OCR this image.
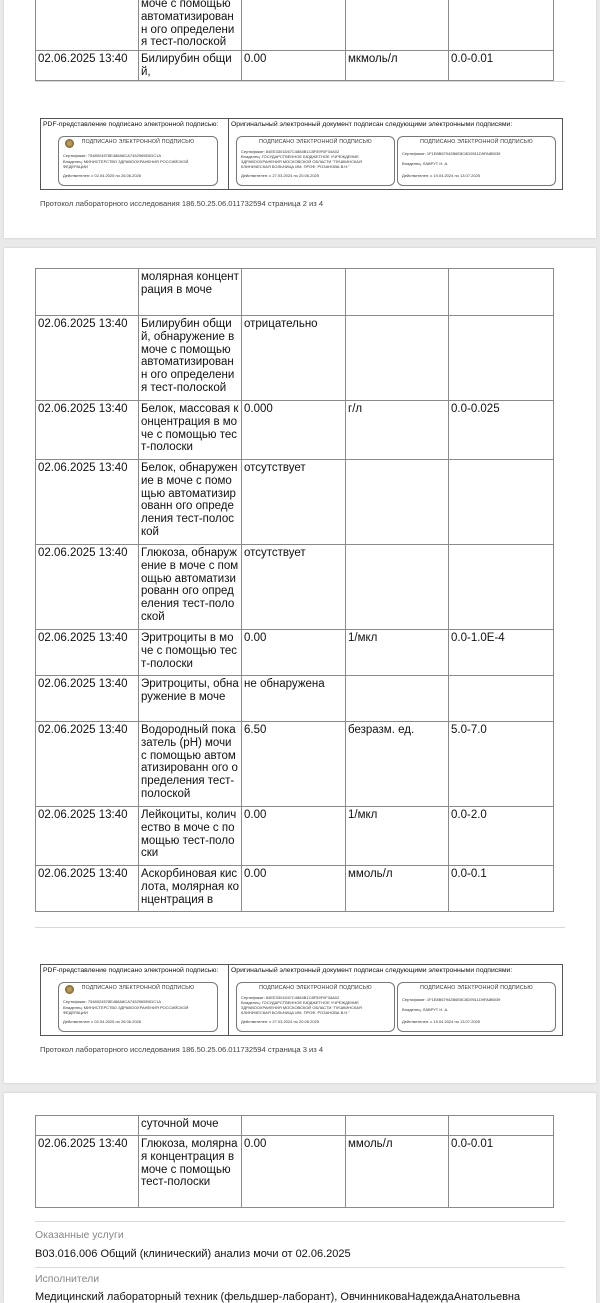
	моче с помощью автоматизированн ого определения тест-полоской			
02.06.2025 13:40	Билирубин общий,	0.00	мкмоль/л	0.0-0.01
PDF-представление подписано электронной подписью:
ПОДПИСАНО ЭЛЕКТРОННОЙ ПОДПИСЬЮ
Сертификат: 7548924578E488A8CA7452965E6DC1A
Владелец: МИНИСТЕРСТВО ЗДРАВООХРАНЕНИЯ РОССИЙСКОЙ ФЕДЕРАЦИИ
Действителен: с 02.04.2025 по 26.06.2026
Оригинальный электронный документ подписан следующими электронными подписями:
ПОДПИСАНО ЭЛЕКТРОННОЙ ПОДПИСЬЮ
Сертификат: 84EE3301D67C4884B1C8F59F0F34A02
Владелец: ГОСУДАРСТВЕННОЕ БЮДЖЕТНОЕ УЧРЕЖДЕНИЕ ЗДРАВООХРАНЕНИЯ МОСКОВСКОЙ ОБЛАСТИ "ПУШКИНСКАЯ КЛИНИЧЕСКАЯ БОЛЬНИЦА ИМ. ПРОФ. РОЗАНОВА В.Н."
Действителен: с 27.03.2024 по 20.06.2025
ПОДПИСАНО ЭЛЕКТРОННОЙ ПОДПИСЬЮ
Сертификат: 1F1E8B67942B6E8C8D9511D9FA8B039
Владелец: ЛАВРУТ Н. А.
Действителен: с 19.04.2024 по 13.07.2025
Протокол лабораторного исследования 186.50.25.06.011732594 страница 2 из 4
	молярная концентрация в моче			
02.06.2025 13:40	Билирубин общий, обнаружение в моче с помощью автоматизированн ого определения тест-полоской	отрицательно		
02.06.2025 13:40	Белок, массовая концентрация в моче с помощью тест-полоски	0.000	г/л	0.0-0.025
02.06.2025 13:40	Белок, обнаружение в моче с помощью автоматизированн ого определения тест-полоской	отсутствует		
02.06.2025 13:40	Глюкоза, обнаружение в моче с помощью автоматизированн ого определения тест-полоской	отсутствует		
02.06.2025 13:40	Эритроциты в моче с помощью тест-полоски	0.00	1/мкл	0.0-1.0E-4
02.06.2025 13:40	Эритроциты, обнаружение в моче	не обнаружена		
02.06.2025 13:40	Водородный показатель (pH) мочи с помощью автоматизированн ого определения тест-полоской	6.50	безразм. ед.	5.0-7.0
02.06.2025 13:40	Лейкоциты, количество в моче с помощью тест-полоски	0.00	1/мкл	0.0-2.0
02.06.2025 13:40	Аскорбиновая кислота, молярная концентрация в	0.00	ммоль/л	0.0-0.1
PDF-представление подписано электронной подписью:
ПОДПИСАНО ЭЛЕКТРОННОЙ ПОДПИСЬЮ
Сертификат: 7548924578E488A8CA7452965E6DC1A
Владелец: МИНИСТЕРСТВО ЗДРАВООХРАНЕНИЯ РОССИЙСКОЙ ФЕДЕРАЦИИ
Действителен: с 02.04.2025 по 26.06.2026
Оригинальный электронный документ подписан следующими электронными подписями:
ПОДПИСАНО ЭЛЕКТРОННОЙ ПОДПИСЬЮ
Сертификат: 84EE3301D67C4884B1C8F59F0F34A02
Владелец: ГОСУДАРСТВЕННОЕ БЮДЖЕТНОЕ УЧРЕЖДЕНИЕ ЗДРАВООХРАНЕНИЯ МОСКОВСКОЙ ОБЛАСТИ "ПУШКИНСКАЯ КЛИНИЧЕСКАЯ БОЛЬНИЦА ИМ. ПРОФ. РОЗАНОВА В.Н."
Действителен: с 27.03.2024 по 20.06.2025
ПОДПИСАНО ЭЛЕКТРОННОЙ ПОДПИСЬЮ
Сертификат: 1F1E8B67942B6E8C8D9511D9FA8B039
Владелец: ЛАВРУТ Н. А.
Действителен: с 19.04.2024 по 13.07.2025
Протокол лабораторного исследования 186.50.25.06.011732594 страница 3 из 4
	суточной моче			
02.06.2025 13:40	Глюкоза, молярная концентрация в моче с помощью тест-полоски	0.00	ммоль/л	0.0-0.01
Оказанные услуги
B03.016.006 Общий (клинический) анализ мочи от 02.06.2025
Исполнители
Медицинский лабораторный техник (фельдшер-лаборант), ОвчинниковаНадеждаАнатольевна
